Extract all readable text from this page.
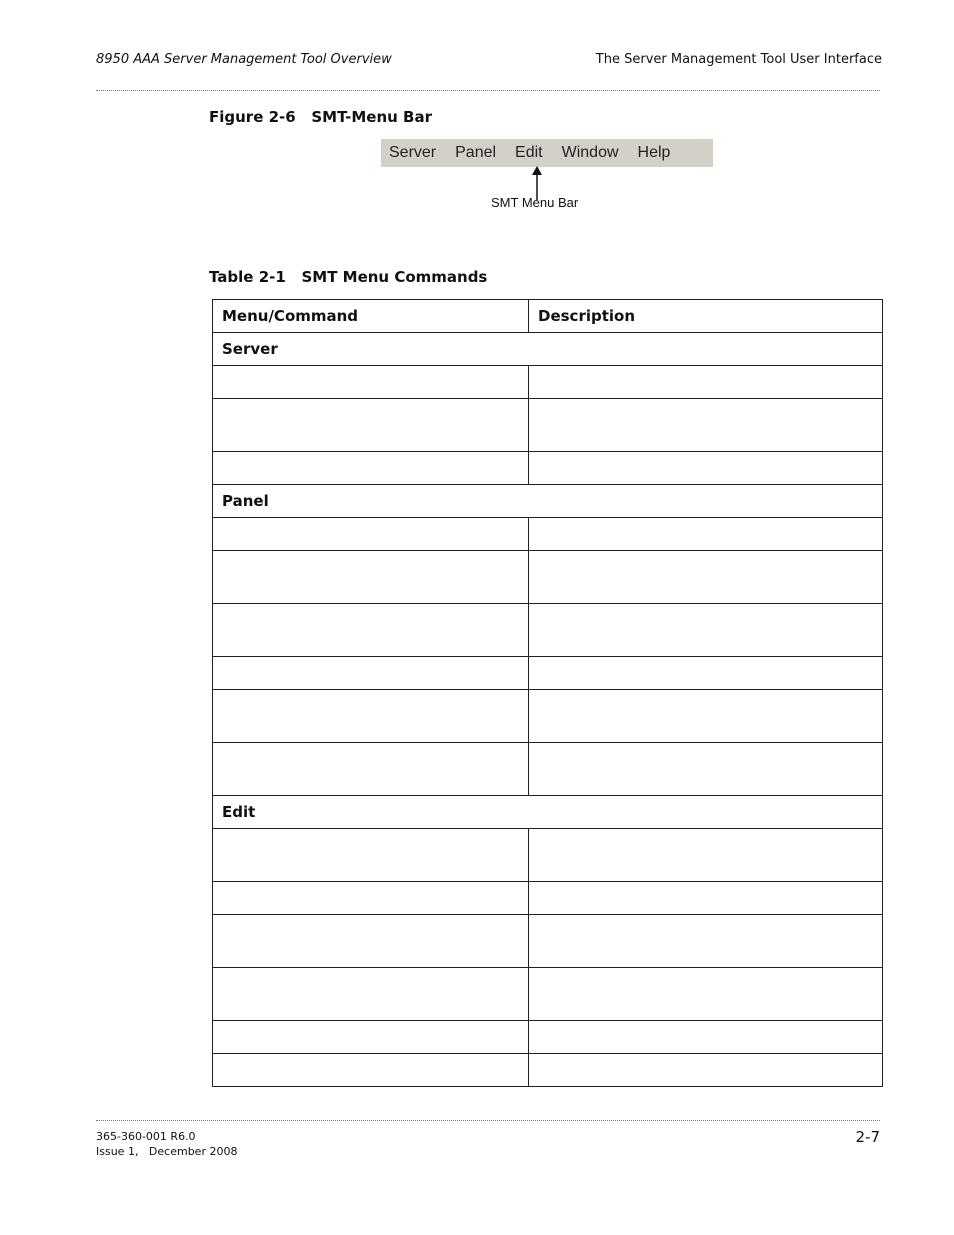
8950 AAA Server Management Tool Overview	The Server Management Tool User Interface
Figure 2-6   SMT-Menu Bar
Server Panel Edit Window Help
SMT Menu Bar
Table 2-1   SMT Menu Commands
Menu/Command	Description
Server	

Panel	

Edit	

365-360-001 R6.0
Issue 1,   December 2008
2-7
